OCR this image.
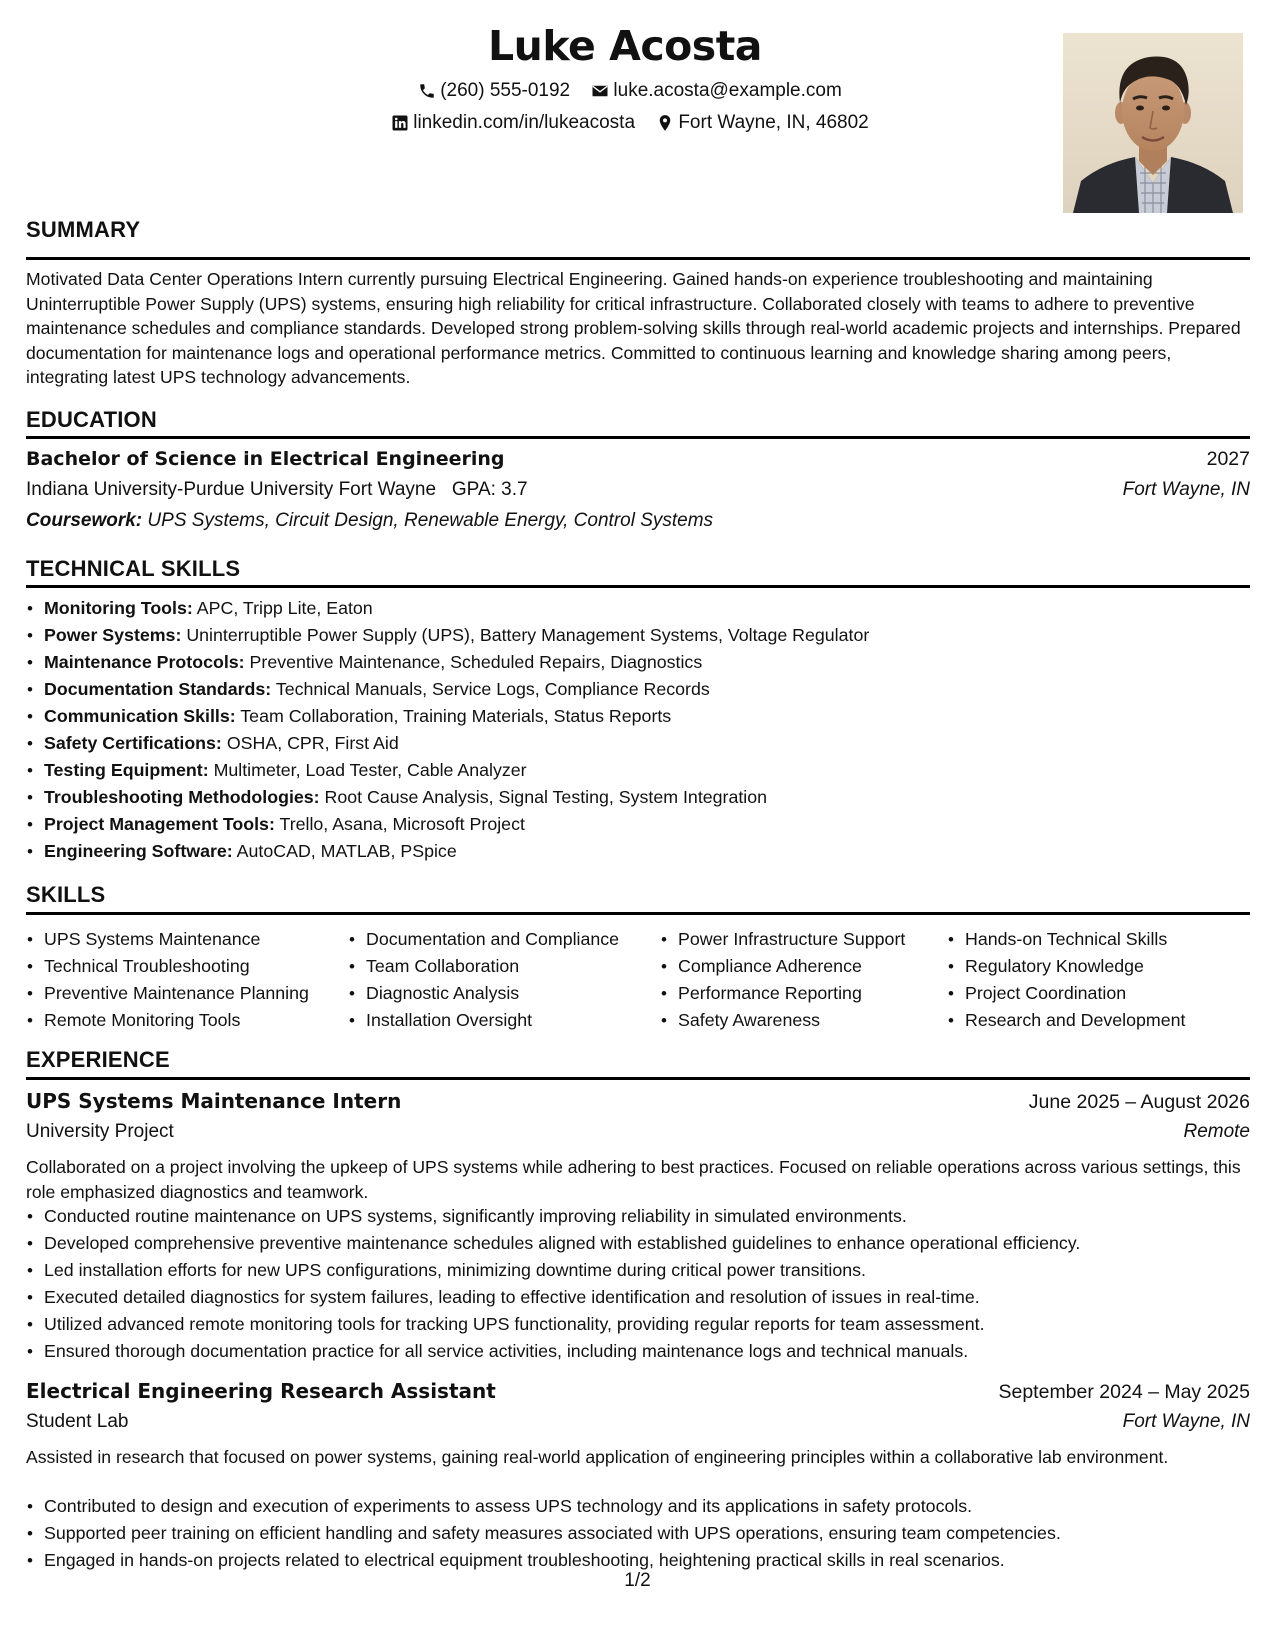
Luke Acosta
(260) 555-0192
luke.acosta@example.com
linkedin.com/in/lukeacosta
Fort Wayne, IN, 46802
SUMMARY
Motivated Data Center Operations Intern currently pursuing Electrical Engineering. Gained hands-on experience troubleshooting and maintaining Uninterruptible Power Supply (UPS) systems, ensuring high reliability for critical infrastructure. Collaborated closely with teams to adhere to preventive maintenance schedules and compliance standards. Developed strong problem-solving skills through real-world academic projects and internships. Prepared documentation for maintenance logs and operational performance metrics. Committed to continuous learning and knowledge sharing among peers, integrating latest UPS technology advancements.
EDUCATION
Bachelor of Science in Electrical Engineering	2027
Indiana University-Purdue University Fort Wayne GPA: 3.7	Fort Wayne, IN
Coursework: UPS Systems, Circuit Design, Renewable Energy, Control Systems
TECHNICAL SKILLS
• Monitoring Tools: APC, Tripp Lite, Eaton
• Power Systems: Uninterruptible Power Supply (UPS), Battery Management Systems, Voltage Regulator
• Maintenance Protocols: Preventive Maintenance, Scheduled Repairs, Diagnostics
• Documentation Standards: Technical Manuals, Service Logs, Compliance Records
• Communication Skills: Team Collaboration, Training Materials, Status Reports
• Safety Certifications: OSHA, CPR, First Aid
• Testing Equipment: Multimeter, Load Tester, Cable Analyzer
• Troubleshooting Methodologies: Root Cause Analysis, Signal Testing, System Integration
• Project Management Tools: Trello, Asana, Microsoft Project
• Engineering Software: AutoCAD, MATLAB, PSpice
SKILLS
• UPS Systems Maintenance
• Technical Troubleshooting
• Preventive Maintenance Planning
• Remote Monitoring Tools
• Documentation and Compliance
• Team Collaboration
• Diagnostic Analysis
• Installation Oversight
• Power Infrastructure Support
• Compliance Adherence
• Performance Reporting
• Safety Awareness
• Hands-on Technical Skills
• Regulatory Knowledge
• Project Coordination
• Research and Development
EXPERIENCE
UPS Systems Maintenance Intern	June 2025 – August 2026
University Project	Remote
Collaborated on a project involving the upkeep of UPS systems while adhering to best practices. Focused on reliable operations across various settings, this role emphasized diagnostics and teamwork.
• Conducted routine maintenance on UPS systems, significantly improving reliability in simulated environments.
• Developed comprehensive preventive maintenance schedules aligned with established guidelines to enhance operational efficiency.
• Led installation efforts for new UPS configurations, minimizing downtime during critical power transitions.
• Executed detailed diagnostics for system failures, leading to effective identification and resolution of issues in real-time.
• Utilized advanced remote monitoring tools for tracking UPS functionality, providing regular reports for team assessment.
• Ensured thorough documentation practice for all service activities, including maintenance logs and technical manuals.
Electrical Engineering Research Assistant	September 2024 – May 2025
Student Lab	Fort Wayne, IN
Assisted in research that focused on power systems, gaining real-world application of engineering principles within a collaborative lab environment.
• Contributed to design and execution of experiments to assess UPS technology and its applications in safety protocols.
• Supported peer training on efficient handling and safety measures associated with UPS operations, ensuring team competencies.
• Engaged in hands-on projects related to electrical equipment troubleshooting, heightening practical skills in real scenarios.
1/2
